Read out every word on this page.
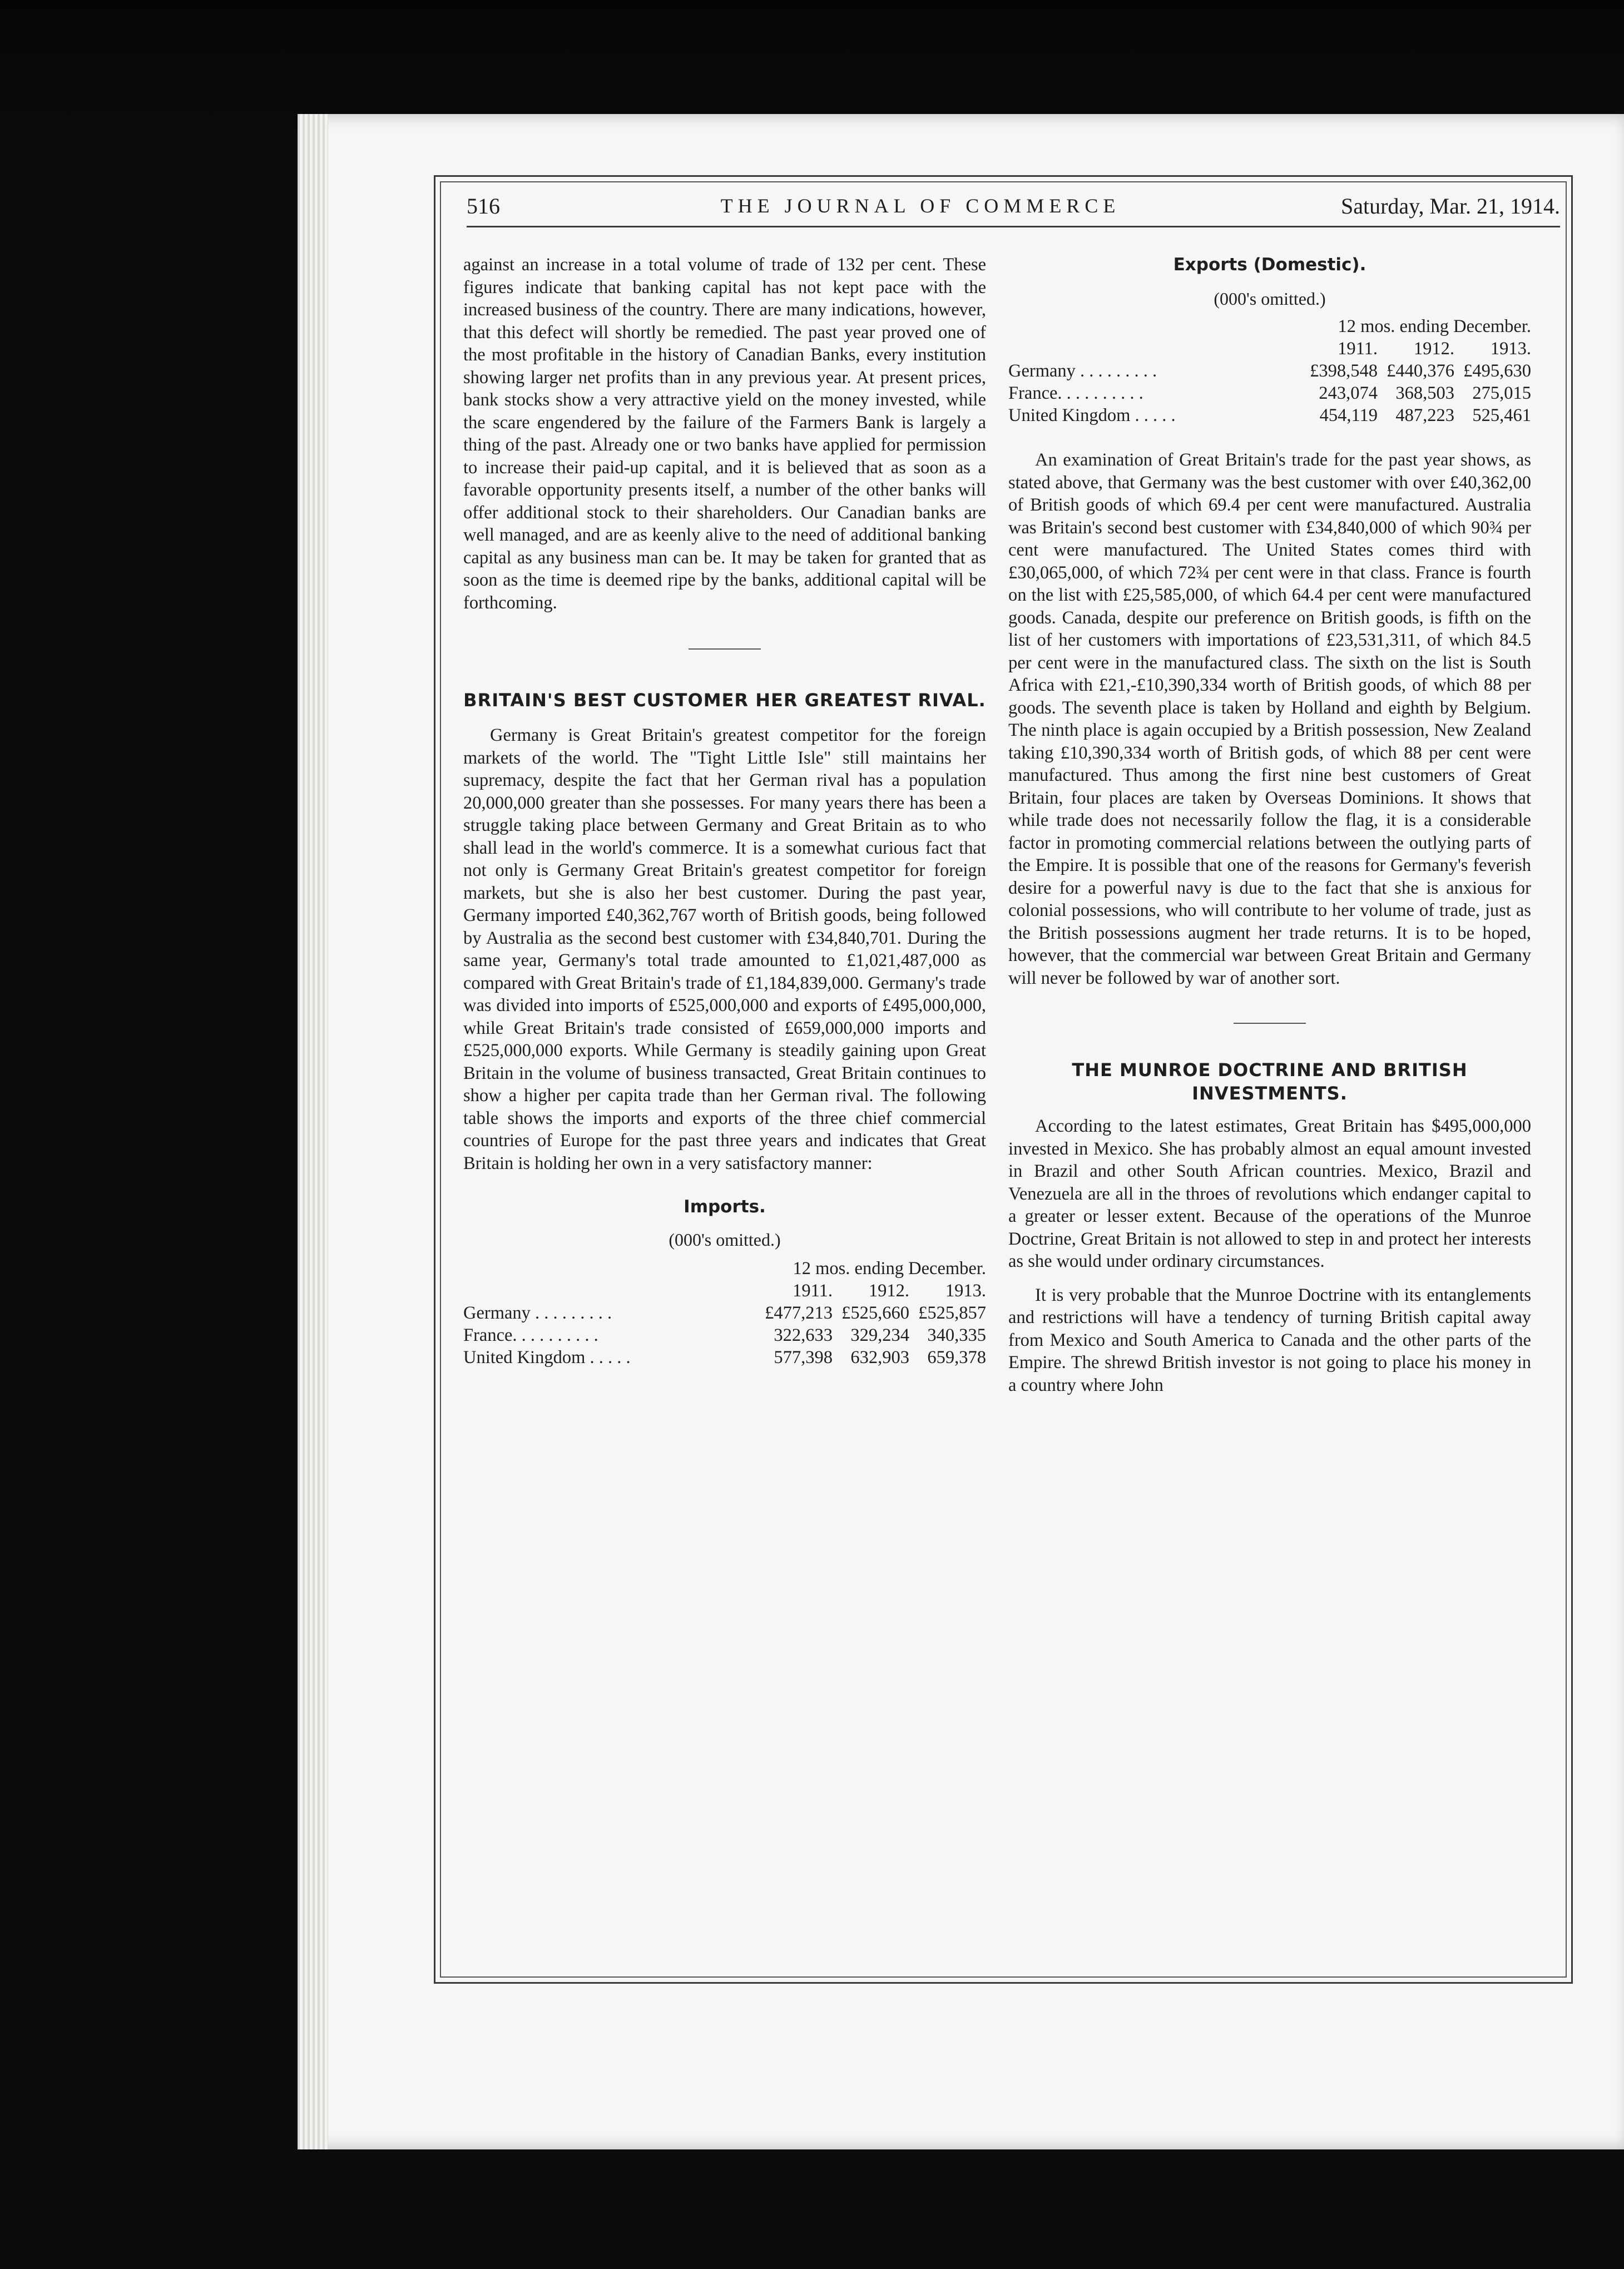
516	THE JOURNAL OF COMMERCE	Saturday, Mar. 21, 1914.

against an increase in a total volume of trade of 132 per cent. These figures indicate that banking capital has not kept pace with the increased business of the country. There are many indications, however, that this defect will shortly be remedied. The past year proved one of the most profitable in the history of Canadian Banks, every institution showing larger net profits than in any previous year. At present prices, bank stocks show a very attractive yield on the money invested, while the scare engendered by the failure of the Farmers Bank is largely a thing of the past. Already one or two banks have applied for permission to increase their paid-up capital, and it is believed that as soon as a favorable opportunity presents itself, a number of the other banks will offer additional stock to their shareholders. Our Canadian banks are well managed, and are as keenly alive to the need of additional banking capital as any business man can be. It may be taken for granted that as soon as the time is deemed ripe by the banks, additional capital will be forthcoming.

BRITAIN'S BEST CUSTOMER HER GREATEST RIVAL.

Germany is Great Britain's greatest competitor for the foreign markets of the world. The "Tight Little Isle" still maintains her supremacy, despite the fact that her German rival has a population 20,000,000 greater than she possesses. For many years there has been a struggle taking place between Germany and Great Britain as to who shall lead in the world's commerce. It is a somewhat curious fact that not only is Germany Great Britain's greatest competitor for foreign markets, but she is also her best customer. During the past year, Germany imported £40,362,767 worth of British goods, being followed by Australia as the second best customer with £34,840,701. During the same year, Germany's total trade amounted to £1,021,487,000 as compared with Great Britain's trade of £1,184,839,000. Germany's trade was divided into imports of £525,000,000 and exports of £495,000,000, while Great Britain's trade consisted of £659,000,000 imports and £525,000,000 exports. While Germany is steadily gaining upon Great Britain in the volume of business transacted, Great Britain continues to show a higher per capita trade than her German rival. The following table shows the imports and exports of the three chief commercial countries of Europe for the past three years and indicates that Great Britain is holding her own in a very satisfactory manner:

Imports.

(000's omitted.)

	12 mos. ending December.		
	1911.	1912.	1913.
Germany . . . . . . . . .	£477,213	£525,660	£525,857
France. . . . . . . . . .	322,633	329,234	340,335
United Kingdom . . . . .	577,398	632,903	659,378

Exports (Domestic).

(000's omitted.)

	12 mos. ending December.		
	1911.	1912.	1913.
Germany . . . . . . . . .	£398,548	£440,376	£495,630
France. . . . . . . . . .	243,074	368,503	275,015
United Kingdom . . . . .	454,119	487,223	525,461

An examination of Great Britain's trade for the past year shows, as stated above, that Germany was the best customer with over £40,362,00 of British goods of which 69.4 per cent were manufactured. Australia was Britain's second best customer with £34,840,000 of which 90¾ per cent were manufactured. The United States comes third with £30,065,000, of which 72¾ per cent were in that class. France is fourth on the list with £25,585,000, of which 64.4 per cent were manufactured goods. Canada, despite our preference on British goods, is fifth on the list of her customers with importations of £23,531,311, of which 84.5 per cent were in the manufactured class. The sixth on the list is South Africa with £21,-£10,390,334 worth of British goods, of which 88 per goods. The seventh place is taken by Holland and eighth by Belgium. The ninth place is again occupied by a British possession, New Zealand taking £10,390,334 worth of British gods, of which 88 per cent were manufactured. Thus among the first nine best customers of Great Britain, four places are taken by Overseas Dominions. It shows that while trade does not necessarily follow the flag, it is a considerable factor in promoting commercial relations between the outlying parts of the Empire. It is possible that one of the reasons for Germany's feverish desire for a powerful navy is due to the fact that she is anxious for colonial possessions, who will contribute to her volume of trade, just as the British possessions augment her trade returns. It is to be hoped, however, that the commercial war between Great Britain and Germany will never be followed by war of another sort.

THE MUNROE DOCTRINE AND BRITISH INVESTMENTS.

According to the latest estimates, Great Britain has $495,000,000 invested in Mexico. She has probably almost an equal amount invested in Brazil and other South African countries. Mexico, Brazil and Venezuela are all in the throes of revolutions which endanger capital to a greater or lesser extent. Because of the operations of the Munroe Doctrine, Great Britain is not allowed to step in and protect her interests as she would under ordinary circumstances.

It is very probable that the Munroe Doctrine with its entanglements and restrictions will have a tendency of turning British capital away from Mexico and South America to Canada and the other parts of the Empire. The shrewd British investor is not going to place his money in a country where John
